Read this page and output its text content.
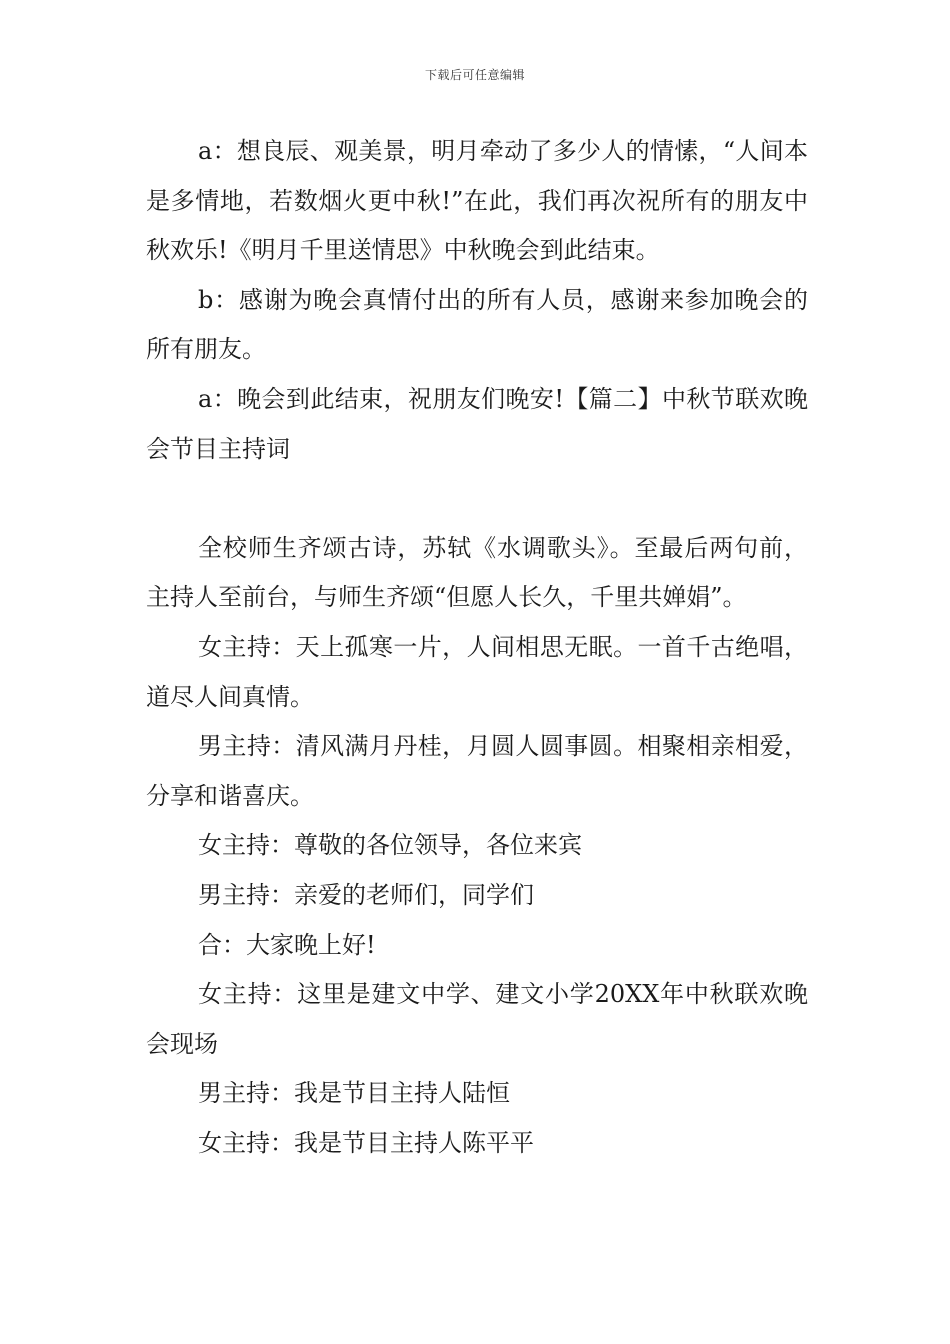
下载后可任意编辑

a：想良辰、观美景，明月牵动了多少人的情愫，“人间本是多情地，若数烟火更中秋!”在此，我们再次祝所有的朋友中秋欢乐!《明月千里送情思》中秋晚会到此结束。

b：感谢为晚会真情付出的所有人员，感谢来参加晚会的所有朋友。

a：晚会到此结束，祝朋友们晚安!【篇二】中秋节联欢晚会节目主持词

全校师生齐颂古诗，苏轼《水调歌头》。至最后两句前，主持人至前台，与师生齐颂“但愿人长久，千里共婵娟”。

女主持：天上孤寒一片，人间相思无眠。一首千古绝唱，道尽人间真情。

男主持：清风满月丹桂，月圆人圆事圆。相聚相亲相爱，分享和谐喜庆。

女主持：尊敬的各位领导，各位来宾

男主持：亲爱的老师们，同学们

合：大家晚上好!

女主持：这里是建文中学、建文小学20XX年中秋联欢晚会现场

男主持：我是节目主持人陆恒

女主持：我是节目主持人陈平平
